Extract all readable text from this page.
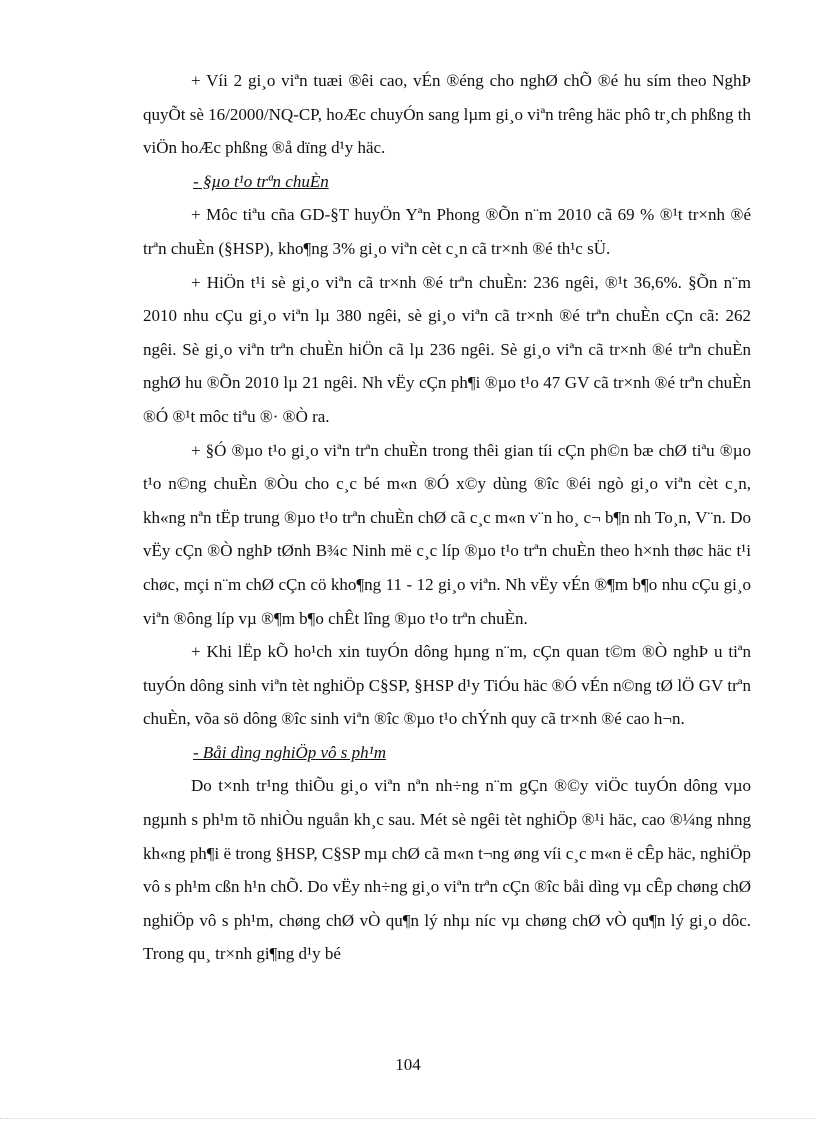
+ Víi 2 gi¸o viªn tuæi ®êi cao, vÉn ®éng cho nghØ chÕ ®é hu sím theo NghÞ quyÕt sè 16/2000/NQ-CP, hoÆc chuyÓn sang lµm gi¸o viªn trêng häc phô tr¸ch phßng th viÖn hoÆc phßng ®å dïng d¹y häc.

- §µo t¹o trªn chuÈn

+ Môc tiªu cña GD-§T huyÖn Yªn Phong ®Õn n¨m 2010 cã 69 % ®¹t tr×nh ®é trªn chuÈn (§HSP), kho¶ng 3% gi¸o viªn cèt c¸n cã tr×nh ®é th¹c sÜ.

+ HiÖn t¹i sè gi¸o viªn cã tr×nh ®é trªn chuÈn: 236 ngêi, ®¹t 36,6%. §Õn n¨m 2010 nhu cÇu gi¸o viªn lµ 380 ngêi, sè gi¸o viªn cã tr×nh ®é trªn chuÈn cÇn cã: 262 ngêi. Sè gi¸o viªn trªn chuÈn hiÖn cã lµ 236 ngêi. Sè gi¸o viªn cã tr×nh ®é trªn chuÈn nghØ hu ®Õn 2010 lµ 21 ngêi. Nh vËy cÇn ph¶i ®µo t¹o 47 GV cã tr×nh ®é trªn chuÈn ®Ó ®¹t môc tiªu ®· ®Ò ra.

+ §Ó ®µo t¹o gi¸o viªn trªn chuÈn trong thêi gian tíi cÇn ph©n bæ chØ tiªu ®µo t¹o n©ng chuÈn ®Òu cho c¸c bé m«n ®Ó x©y dùng ®îc ®éi ngò gi¸o viªn cèt c¸n, kh«ng nªn tËp trung ®µo t¹o trªn chuÈn chØ cã c¸c m«n v¨n ho¸ c¬ b¶n nh To¸n, V¨n. Do vËy cÇn ®Ò nghÞ tØnh B¾c Ninh më c¸c líp ®µo t¹o trªn chuÈn theo h×nh thøc häc t¹i chøc, mçi n¨m chØ cÇn cö kho¶ng 11 - 12 gi¸o viªn. Nh vËy vÉn ®¶m b¶o nhu cÇu gi¸o viªn ®ông líp vµ ®¶m b¶o chÊt lîng ®µo t¹o trªn chuÈn.

+ Khi lËp kÕ ho¹ch xin tuyÓn dông hµng n¨m, cÇn quan t©m ®Ò nghÞ u tiªn tuyÓn dông sinh viªn tèt nghiÖp C§SP, §HSP d¹y TiÓu häc ®Ó vÉn n©ng tØ lÖ GV trªn chuÈn, võa sö dông ®îc sinh viªn ®îc ®µo t¹o chÝnh quy cã tr×nh ®é cao h¬n.

- Båi dìng nghiÖp vô s ph¹m

Do t×nh tr¹ng thiÕu gi¸o viªn nªn nh÷ng n¨m gÇn ®©y viÖc tuyÓn dông vµo ngµnh s ph¹m tõ nhiÒu nguån kh¸c sau. Mét sè ngêi tèt nghiÖp ®¹i häc, cao ®¼ng nhng kh«ng ph¶i ë trong §HSP, C§SP mµ chØ cã m«n t¬ng øng víi c¸c m«n ë cÊp häc, nghiÖp vô s ph¹m cßn h¹n chÕ. Do vËy nh÷ng gi¸o viªn trªn cÇn ®îc båi dìng vµ cÊp chøng chØ nghiÖp vô s ph¹m, chøng chØ vÒ qu¶n lý nhµ níc vµ chøng chØ vÒ qu¶n lý gi¸o dôc. Trong qu¸ tr×nh gi¶ng d¹y bé

104
